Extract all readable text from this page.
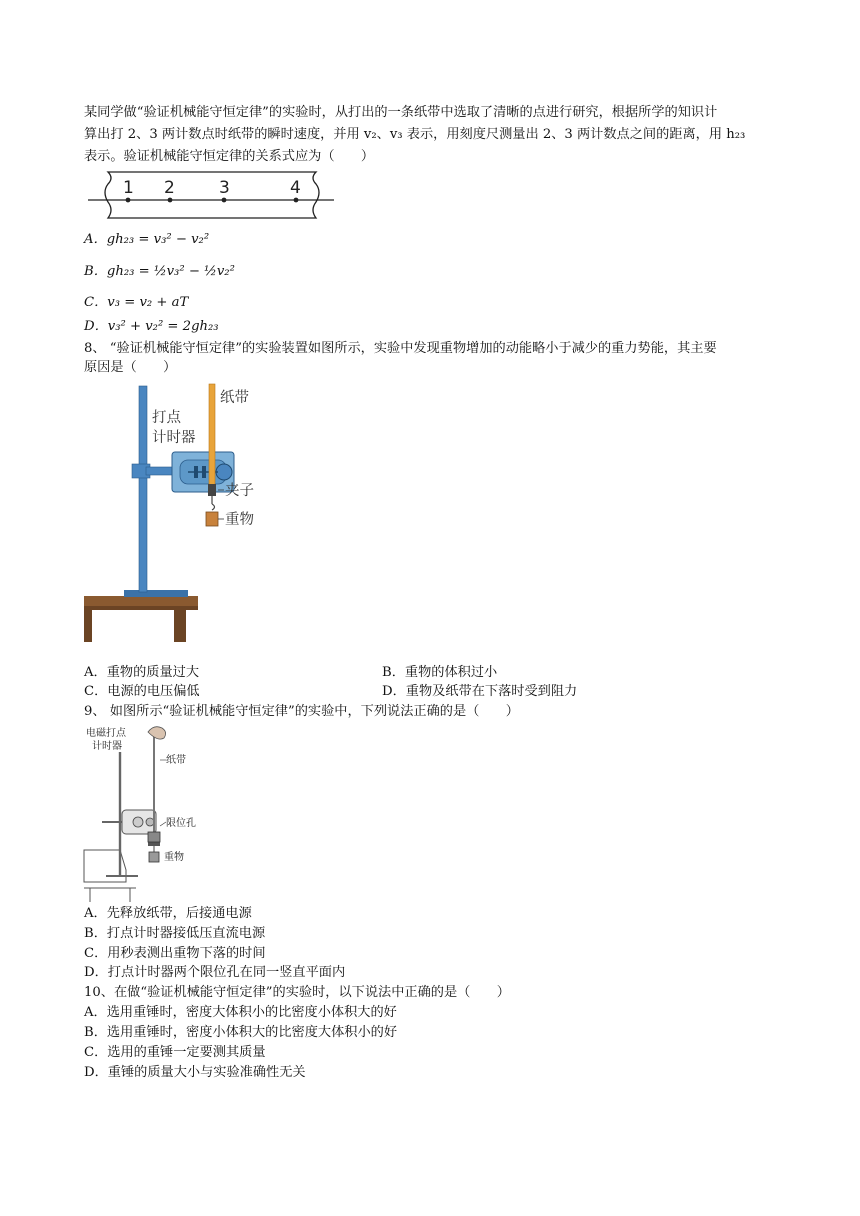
某同学做“验证机械能守恒定律”的实验时，从打出的一条纸带中选取了清晰的点进行研究，根据所学的知识计
算出打 2、3 两计数点时纸带的瞬时速度，并用 v₂、v₃ 表示，用刻度尺测量出 2、3 两计数点之间的距离，用 h₂₃
表示。验证机械能守恒定律的关系式应为（　　）
1 2	3	4
A．gh₂₃ = v₃² − v₂²
B．gh₂₃ = ½v₃² − ½v₂²
C．v₃ = v₂ + aT
D．v₃² + v₂² = 2gh₂₃
8、 “验证机械能守恒定律”的实验装置如图所示，实验中发现重物增加的动能略小于减少的重力势能，其主要
原因是（　　）
打点
计时器
纸带
夹子
重物
A．重物的质量过大	B．重物的体积过小
C．电源的电压偏低	D．重物及纸带在下落时受到阻力
9、 如图所示“验证机械能守恒定律”的实验中，下列说法正确的是（　　）
电磁打点
计时器
纸带
限位孔
重物
A．先释放纸带，后接通电源
B．打点计时器接低压直流电源
C．用秒表测出重物下落的时间
D．打点计时器两个限位孔在同一竖直平面内
10、在做“验证机械能守恒定律”的实验时，以下说法中正确的是（　　）
A．选用重锤时，密度大体积小的比密度小体积大的好
B．选用重锤时，密度小体积大的比密度大体积小的好
C．选用的重锤一定要测其质量
D．重锤的质量大小与实验准确性无关
